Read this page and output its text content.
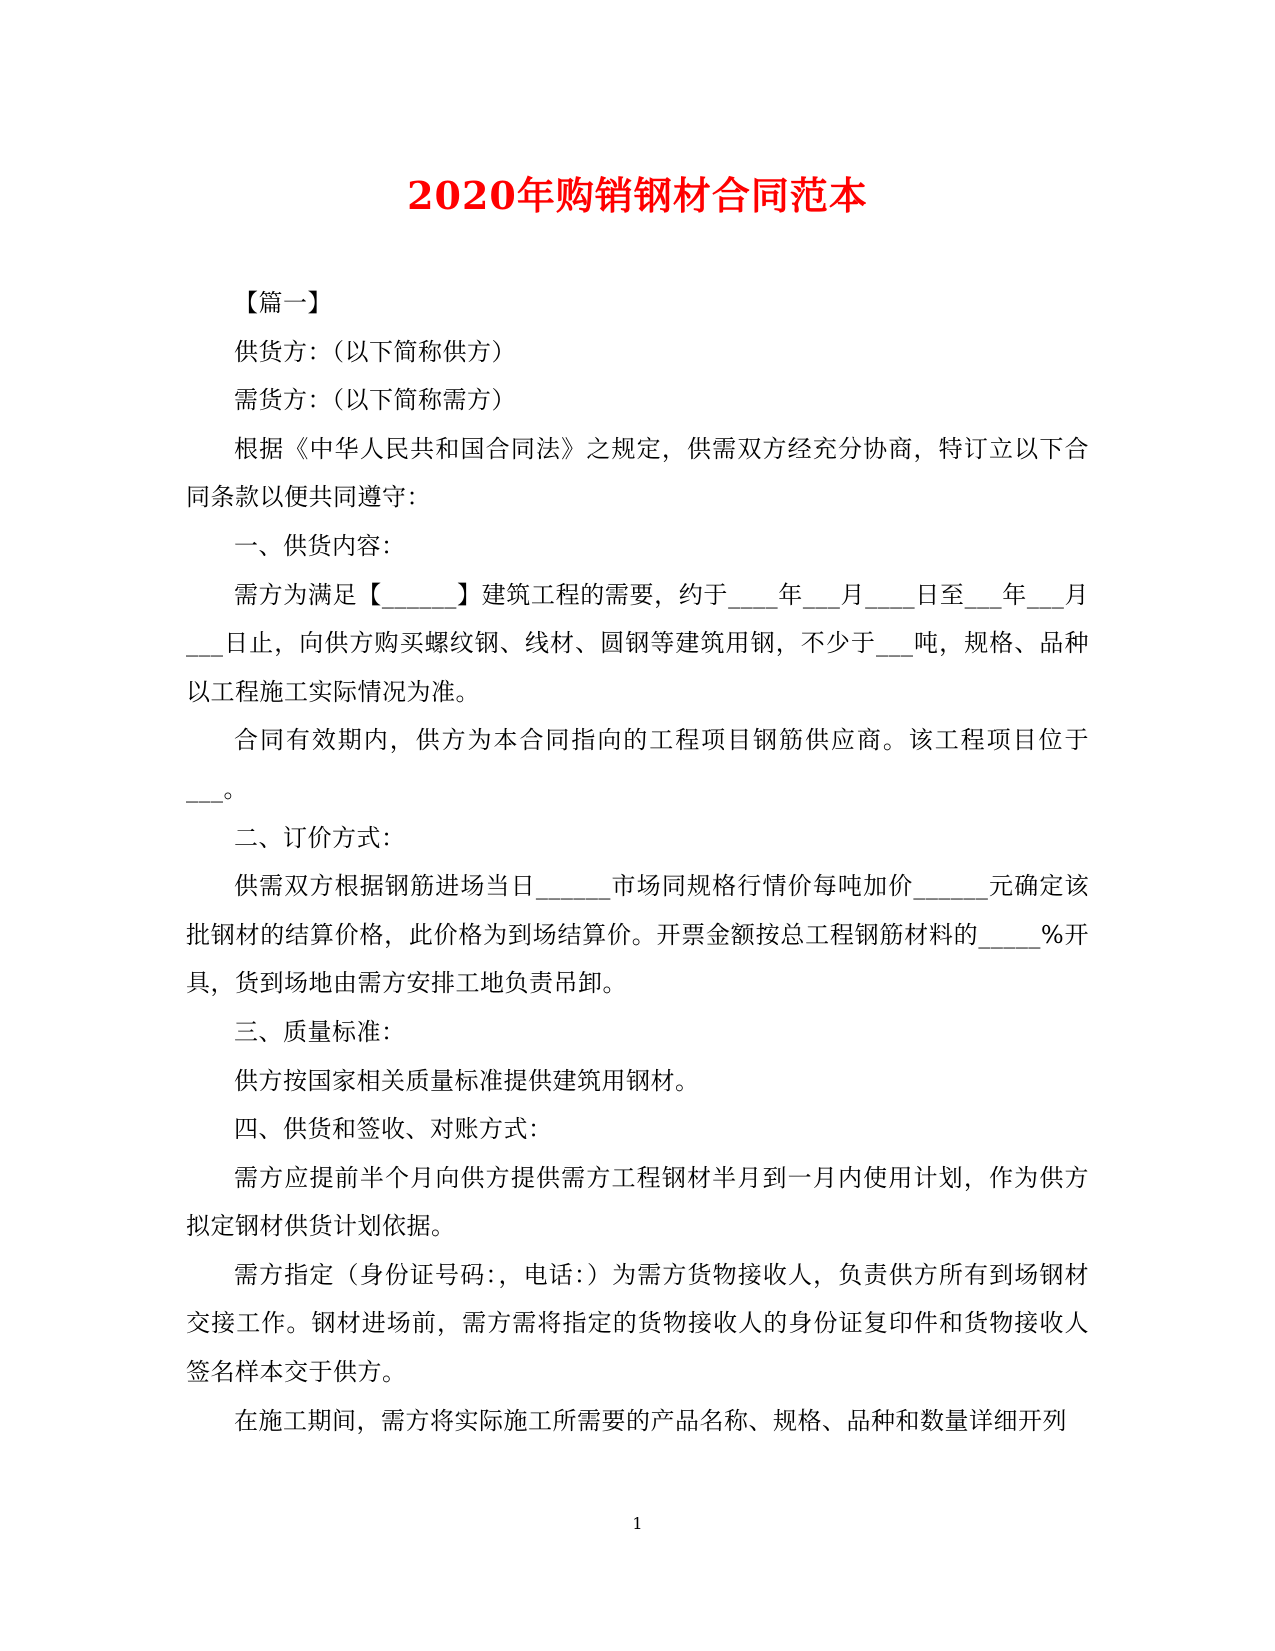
2020年购销钢材合同范本

【篇一】

供货方：（以下简称供方）

需货方：（以下简称需方）

根据《中华人民共和国合同法》之规定，供需双方经充分协商，特订立以下合同条款以便共同遵守：

一、供货内容：

需方为满足【______】建筑工程的需要，约于____年___月____日至___年___月___日止，向供方购买螺纹钢、线材、圆钢等建筑用钢，不少于___吨，规格、品种以工程施工实际情况为准。

合同有效期内，供方为本合同指向的工程项目钢筋供应商。该工程项目位于___。

二、订价方式：

供需双方根据钢筋进场当日______市场同规格行情价每吨加价______元确定该批钢材的结算价格，此价格为到场结算价。开票金额按总工程钢筋材料的_____%开具，货到场地由需方安排工地负责吊卸。

三、质量标准：

供方按国家相关质量标准提供建筑用钢材。

四、供货和签收、对账方式：

需方应提前半个月向供方提供需方工程钢材半月到一月内使用计划，作为供方拟定钢材供货计划依据。

需方指定（身份证号码：，电话：）为需方货物接收人，负责供方所有到场钢材交接工作。钢材进场前，需方需将指定的货物接收人的身份证复印件和货物接收人签名样本交于供方。

在施工期间，需方将实际施工所需要的产品名称、规格、品种和数量详细开列

1
